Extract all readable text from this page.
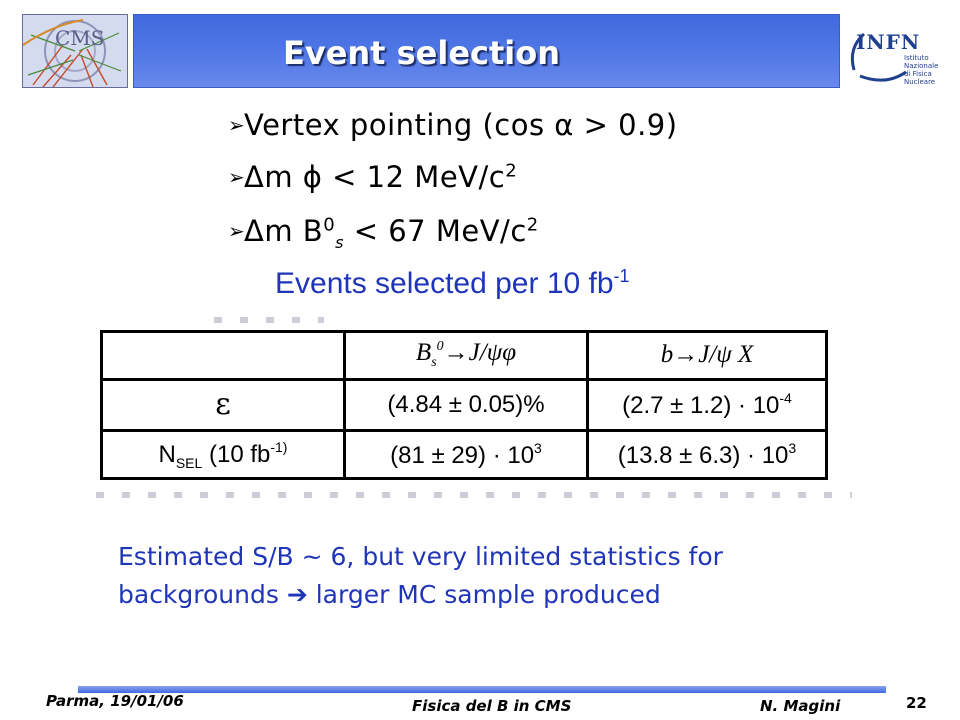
CMS	Event selection	INFN
Istituto Nazionale
di Fisica Nucleare
➢Vertex pointing (cos α > 0.9)
➢Δm ϕ < 12 MeV/$c^2$
➢Δm $B^0_s < 67$ MeV/$c^2$
Events selected per 10 $fb^{-1}$
	$B_s^0\to J/\psi\varphi$	b→J/ψ X
ε	(4.84 ± 0.05)%	$(2.7 \pm 1.2) \cdot 10^{-4}$
$N_{SEL}$ (10 $fb^{-1)}$	$(81 \pm 29) \cdot 10^3$	$(13.8 \pm 6.3) \cdot 10^3$
Estimated S/B ~ 6, but very limited statistics for
backgrounds ➔ larger MC sample produced
Parma, 19/01/06	Fisica del B in CMS	N. Magini	22
